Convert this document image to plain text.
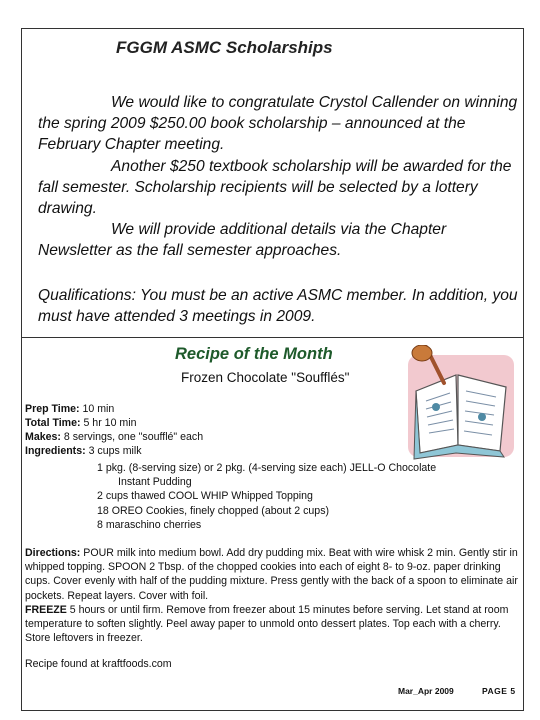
FGGM ASMC Scholarships

We would like to congratulate Crystol Callender on winning the spring 2009 $250.00 book scholarship – announced at the February Chapter meeting.

Another $250 textbook scholarship will be awarded for the fall semester. Scholarship recipients will be selected by a lottery drawing.

We will provide additional details via the Chapter Newsletter as the fall semester approaches.

Qualifications: You must be an active ASMC member. In addition, you must have attended 3 meetings in 2009.

Recipe of the Month
Frozen Chocolate "Soufflés"
Prep Time: 10 min
Total Time: 5 hr 10 min
Makes: 8 servings, one "soufflé" each
Ingredients: 3 cups milk
1 pkg. (8-serving size) or 2 pkg. (4-serving size each) JELL-O Chocolate
Instant Pudding
2 cups thawed COOL WHIP Whipped Topping
18 OREO Cookies, finely chopped (about 2 cups)
8 maraschino cherries

Directions: POUR milk into medium bowl. Add dry pudding mix. Beat with wire whisk 2 min. Gently stir in whipped topping. SPOON 2 Tbsp. of the chopped cookies into each of eight 8- to 9-oz. paper drinking cups. Cover evenly with half of the pudding mixture. Press gently with the back of a spoon to eliminate air pockets. Repeat layers. Cover with foil.

FREEZE 5 hours or until firm. Remove from freezer about 15 minutes before serving. Let stand at room temperature to soften slightly. Peel away paper to unmold onto dessert plates. Top each with a cherry. Store leftovers in freezer.

Recipe found at kraftfoods.com

Mar_Apr 2009	PAGE 5
